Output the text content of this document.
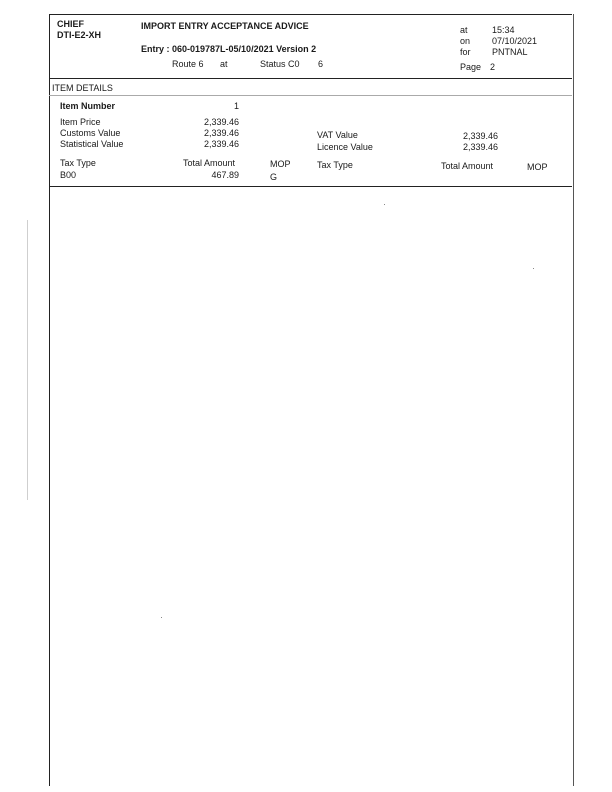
CHIEF
DTI-E2-XH
IMPORT ENTRY ACCEPTANCE ADVICE
Entry : 060-019787L-05/10/2021 Version 2
Route 6 at	Status C0 6
at	15:34
on 07/10/2021
for PNTNAL
Page 2
ITEM DETAILS
Item Number	1
Item Price	2,339.46
Customs Value	2,339.46
Statistical Value	2,339.46
VAT Value	2,339.46
Licence Value	2,339.46
Tax Type	Total Amount	MOP	Tax Type	Total Amount	MOP
B00	467.89	G
